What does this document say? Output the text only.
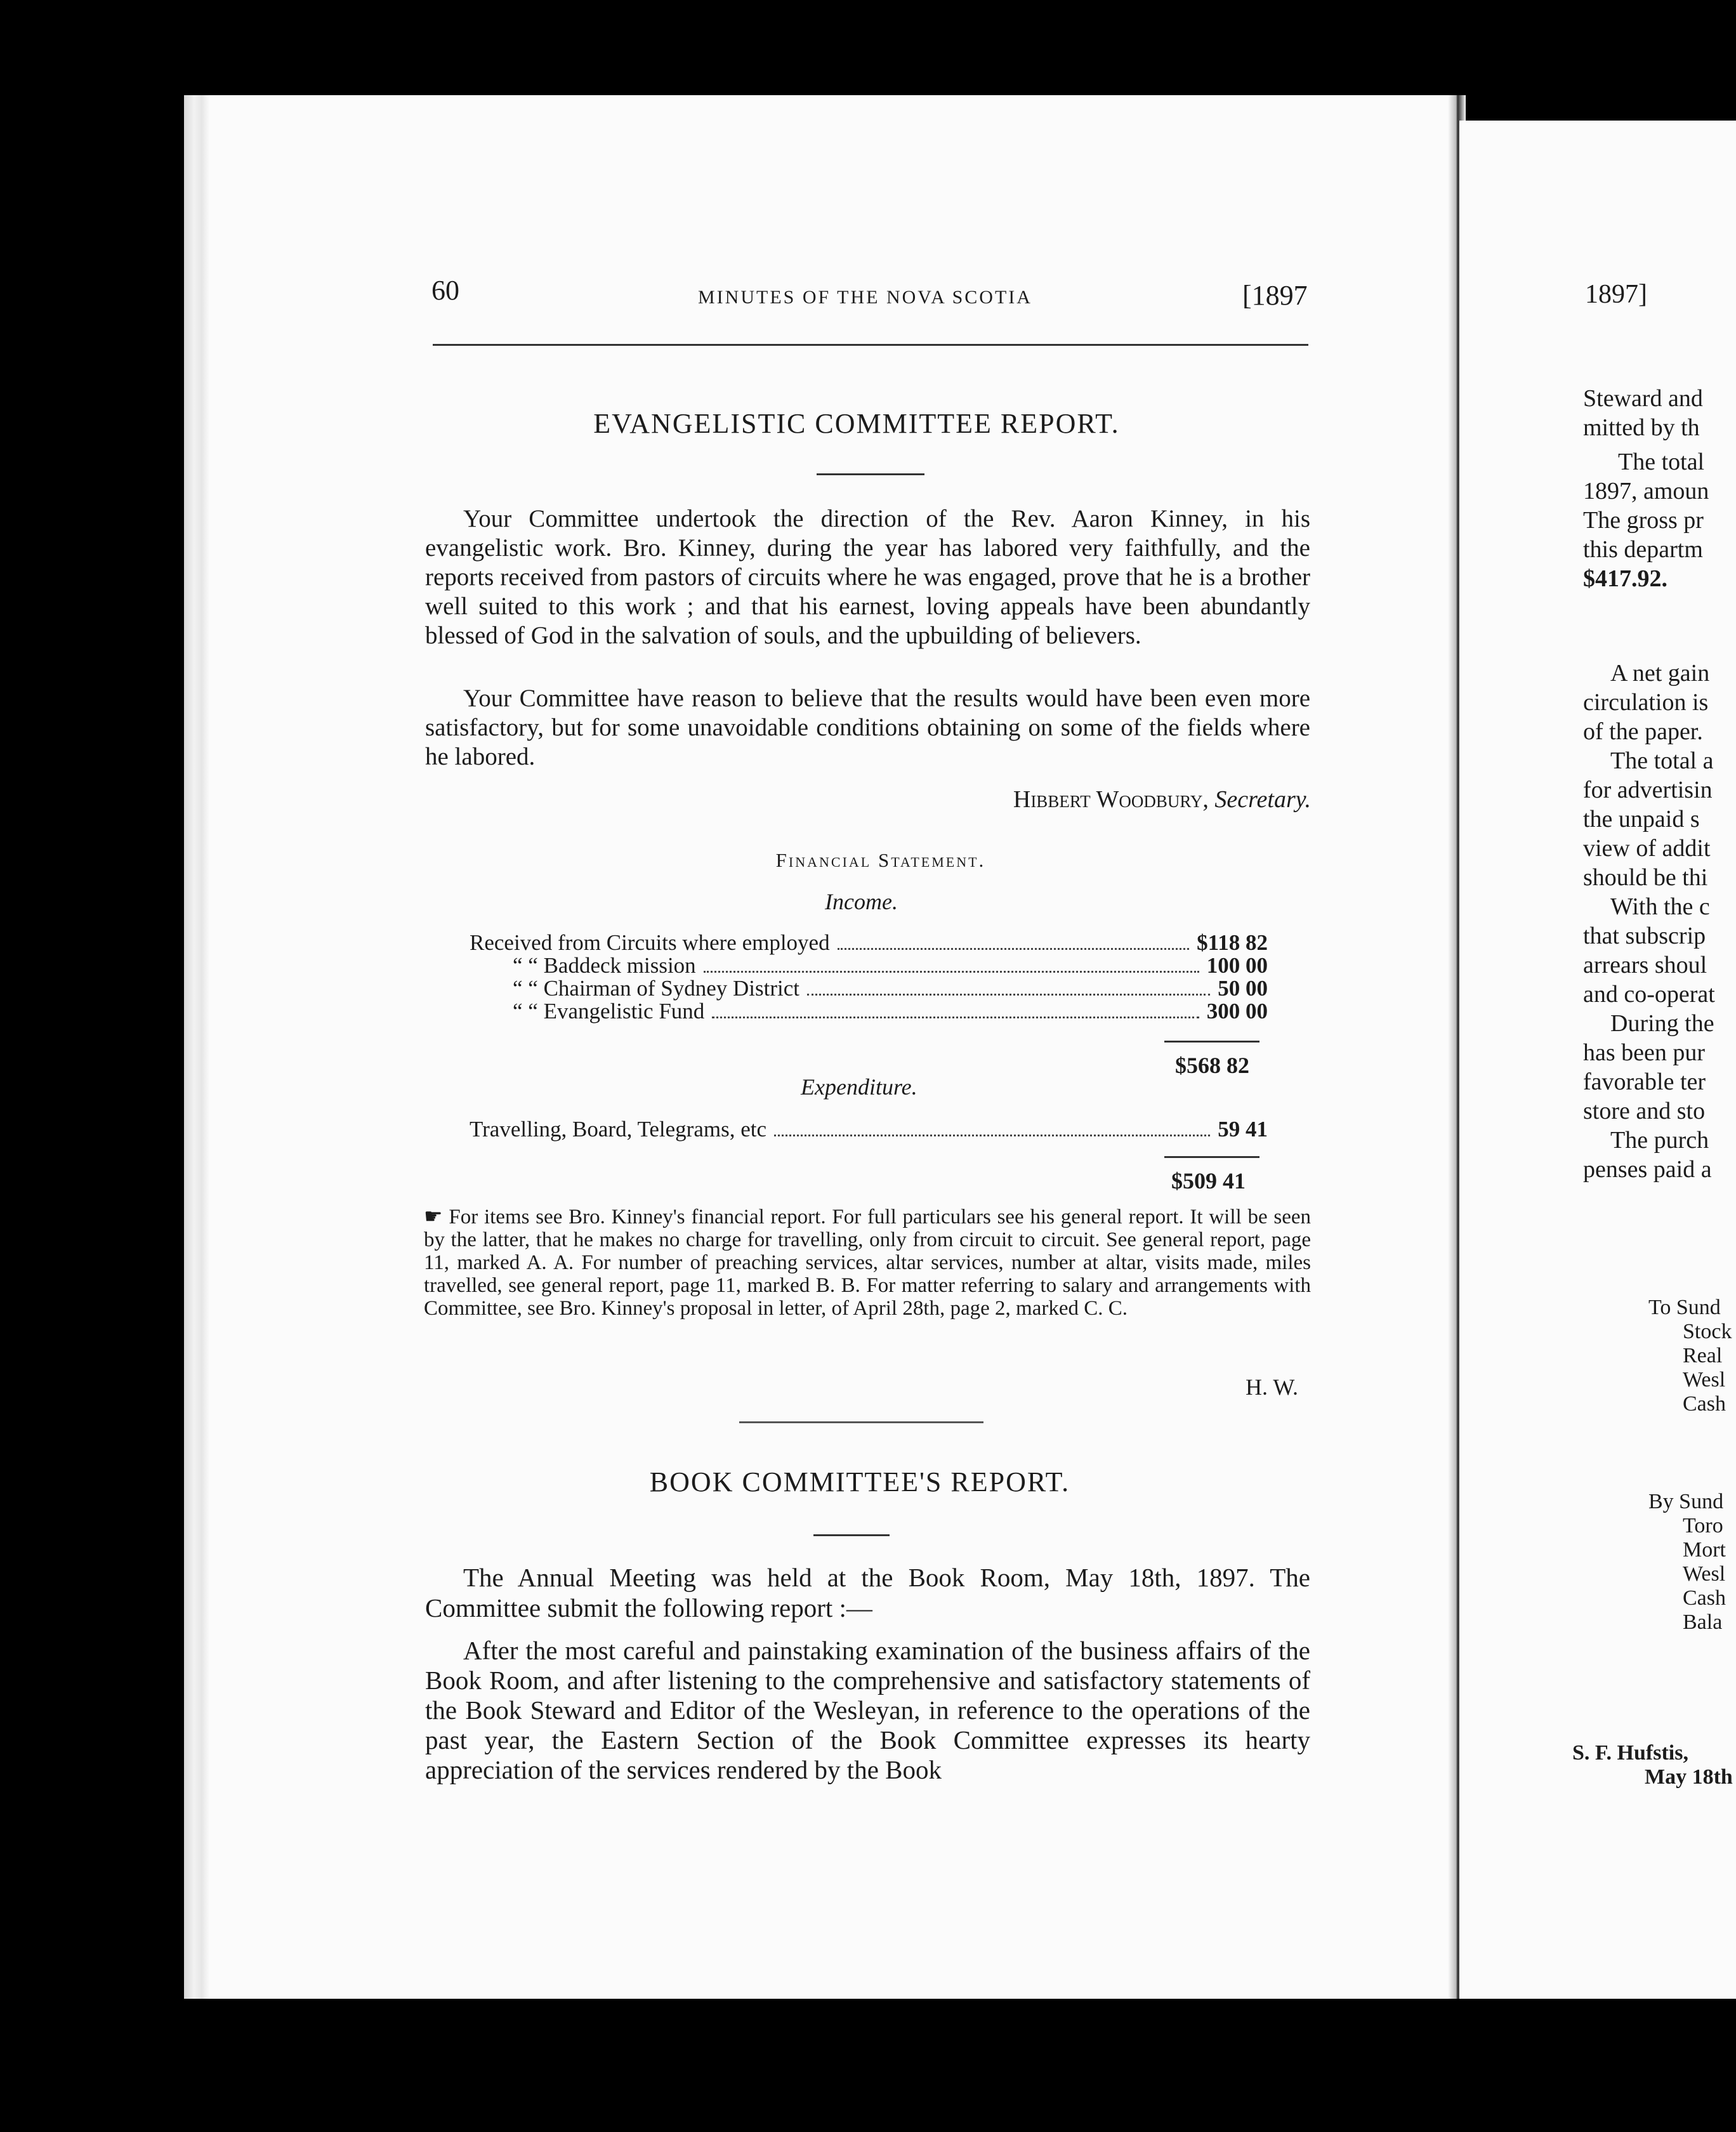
60	MINUTES OF THE NOVA SCOTIA	[1897
EVANGELISTIC COMMITTEE REPORT.
Your Committee undertook the direction of the Rev. Aaron Kinney, in his evangelistic work. Bro. Kinney, during the year has labored very faithfully, and the reports received from pastors of circuits where he was engaged, prove that he is a brother well suited to this work ; and that his earnest, loving appeals have been abundantly blessed of God in the salvation of souls, and the upbuilding of believers.
Your Committee have reason to believe that the results would have been even more satisfactory, but for some unavoidable conditions obtaining on some of the fields where he labored.
Hibbert Woodbury, Secretary.
Financial Statement.
Income.
Received from Circuits where employed	$118 82
“ “ Baddeck mission	100 00
“ “ Chairman of Sydney District	50 00
“ “ Evangelistic Fund	300 00
$568 82
Expenditure.
Travelling, Board, Telegrams, etc	59 41
$509 41
☛ For items see Bro. Kinney's financial report. For full particulars see his general report. It will be seen by the latter, that he makes no charge for travelling, only from circuit to circuit. See general report, page 11, marked A. A. For number of preaching services, altar services, number at altar, visits made, miles travelled, see general report, page 11, marked B. B. For matter referring to salary and arrangements with Committee, see Bro. Kinney's proposal in letter, of April 28th, page 2, marked C. C.
H. W.
BOOK COMMITTEE'S REPORT.
The Annual Meeting was held at the Book Room, May 18th, 1897. The Committee submit the following report :—
After the most careful and painstaking examination of the business affairs of the Book Room, and after listening to the comprehensive and satisfactory statements of the Book Steward and Editor of the Wesleyan, in reference to the operations of the past year, the Eastern Section of the Book Committee expresses its hearty appreciation of the services rendered by the Book
1897]
Steward and
mitted by th
The total
1897, amoun
The gross pr
this departm
$417.92.
A net gain
circulation is
of the paper.
The total a
for advertisin
the unpaid s
view of addit
should be thi
With the c
that subscrip
arrears shoul
and co-operat
During the
has been pur
favorable ter
store and sto
The purch
penses paid a
To Sund
Stock
Real
Wesl
Cash
By Sund
Toro
Mort
Wesl
Cash
Bala
S. F. Hufstis,
May 18th
